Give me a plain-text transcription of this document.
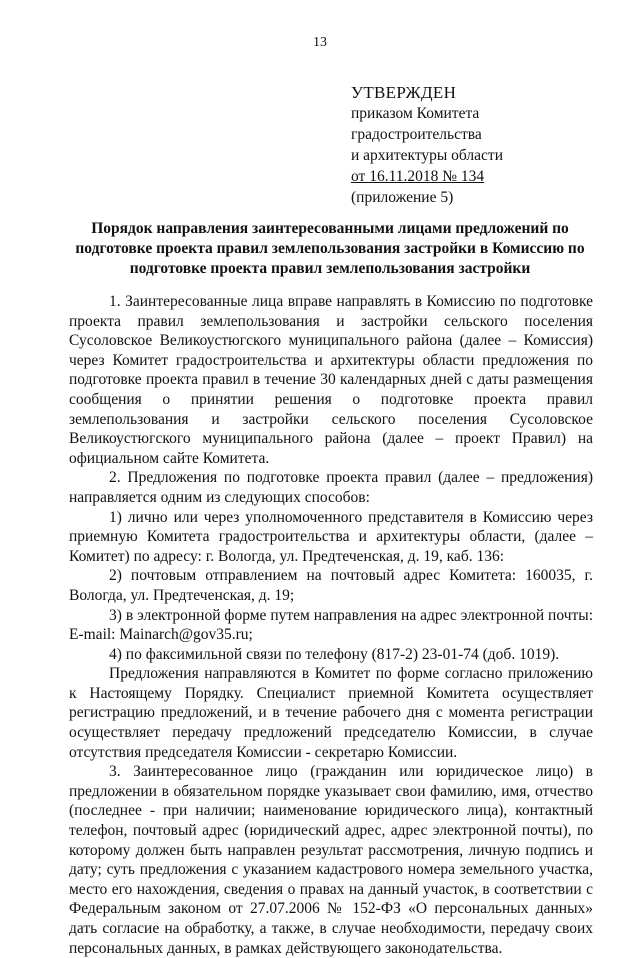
13
УТВЕРЖДЕН
приказом Комитета
градостроительства
и архитектуры области
от 16.11.2018 № 134
(приложение 5)
Порядок направления заинтересованными лицами предложений по подготовке проекта правил землепользования застройки в Комиссию по подготовке проекта правил землепользования застройки

1. Заинтересованные лица вправе направлять в Комиссию по подготовке проекта правил землепользования и застройки сельского поселения Сусоловское Великоустюгского муниципального района (далее – Комиссия) через Комитет градостроительства и архитектуры области предложения по подготовке проекта правил в течение 30 календарных дней с даты размещения сообщения о принятии решения о подготовке проекта правил землепользования и застройки сельского поселения Сусоловское Великоустюгского муниципального района (далее – проект Правил) на официальном сайте Комитета.

2. Предложения по подготовке проекта правил (далее – предложения) направляется одним из следующих способов:

1) лично или через уполномоченного представителя в Комиссию через приемную Комитета градостроительства и архитектуры области, (далее – Комитет) по адресу: г. Вологда, ул. Предтеченская, д. 19, каб. 136:

2) почтовым отправлением на почтовый адрес Комитета: 160035, г. Вологда, ул. Предтеченская, д. 19;

3) в электронной форме путем направления на адрес электронной почты: E-mail: Mainarch@gov35.ru;

4) по факсимильной связи по телефону (817-2) 23-01-74 (доб. 1019).

Предложения направляются в Комитет по форме согласно приложению к Настоящему Порядку. Специалист приемной Комитета осуществляет регистрацию предложений, и в течение рабочего дня с момента регистрации осуществляет передачу предложений председателю Комиссии, в случае отсутствия председателя Комиссии - секретарю Комиссии.

3. Заинтересованное лицо (гражданин или юридическое лицо) в предложении в обязательном порядке указывает свои фамилию, имя, отчество (последнее - при наличии; наименование юридического лица), контактный телефон, почтовый адрес (юридический адрес, адрес электронной почты), по которому должен быть направлен результат рассмотрения, личную подпись и дату; суть предложения с указанием кадастрового номера земельного участка, место его нахождения, сведения о правах на данный участок, в соответствии с Федеральным законом от 27.07.2006 № 152-ФЗ «О персональных данных» дать согласие на обработку, а также, в случае необходимости, передачу своих персональных данных, в рамках действующего законодательства.
